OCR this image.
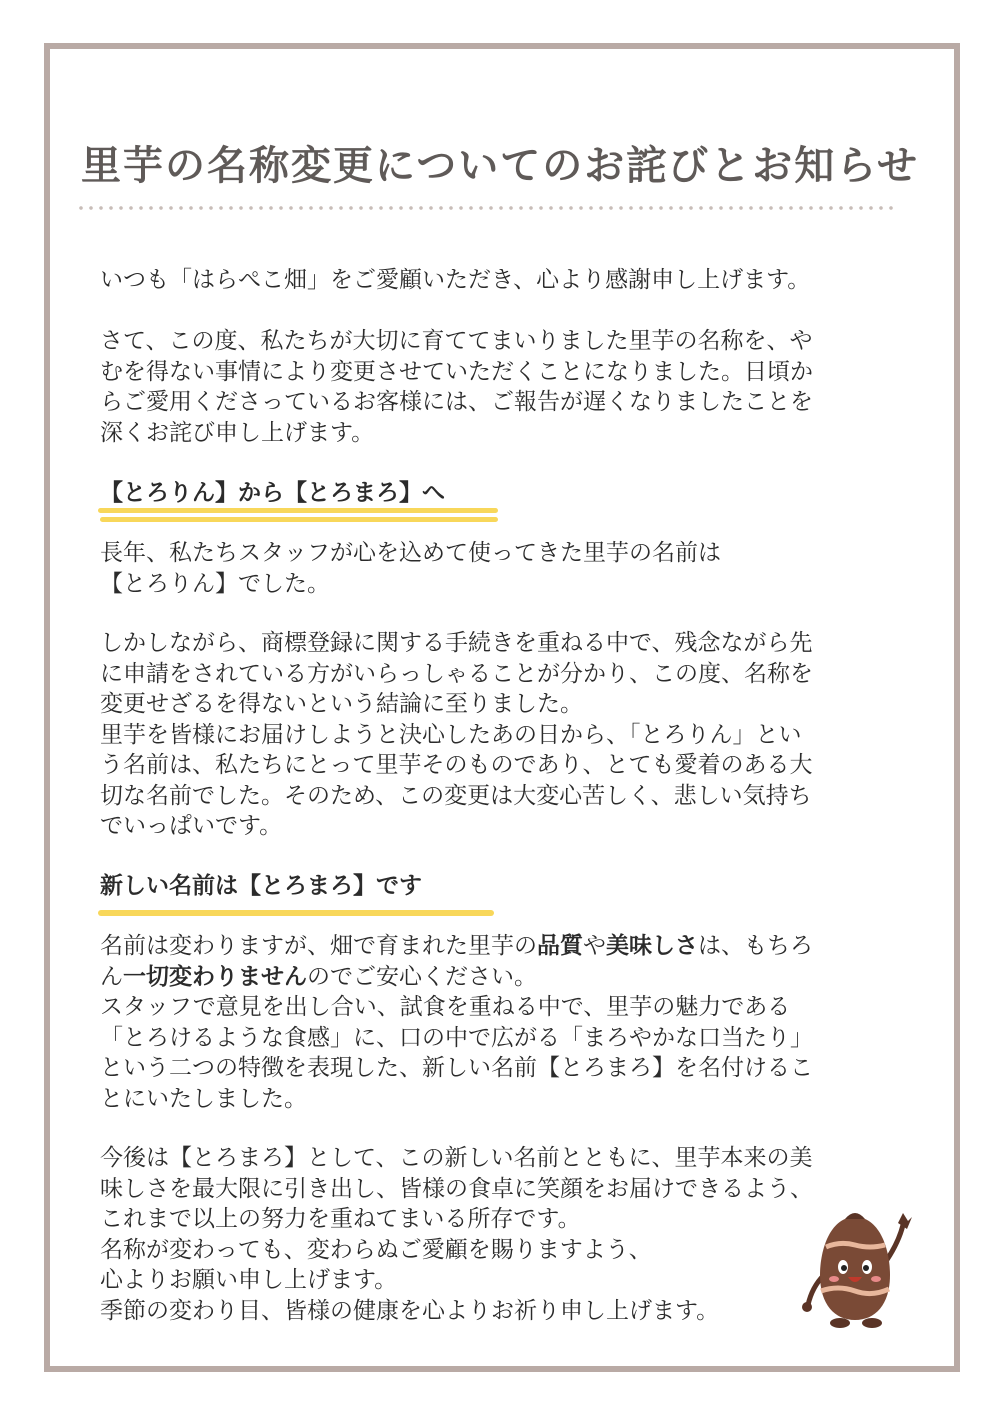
里芋の名称変更についてのお詫びとお知らせ

いつも「はらぺこ畑」をご愛顧いただき、心より感謝申し上げます。

さて、この度、私たちが大切に育ててまいりました里芋の名称を、や
むを得ない事情により変更させていただくことになりました。日頃か
らご愛用くださっているお客様には、ご報告が遅くなりましたことを
深くお詫び申し上げます。

【とろりん】から【とろまろ】へ

長年、私たちスタッフが心を込めて使ってきた里芋の名前は
【とろりん】でした。

しかしながら、商標登録に関する手続きを重ねる中で、残念ながら先
に申請をされている方がいらっしゃることが分かり、この度、名称を
変更せざるを得ないという結論に至りました。
里芋を皆様にお届けしようと決心したあの日から、「とろりん」とい
う名前は、私たちにとって里芋そのものであり、とても愛着のある大
切な名前でした。そのため、この変更は大変心苦しく、悲しい気持ち
でいっぱいです。

新しい名前は【とろまろ】です

名前は変わりますが、畑で育まれた里芋の品質や美味しさは、もちろ
ん一切変わりませんのでご安心ください。
スタッフで意見を出し合い、試食を重ねる中で、里芋の魅力である
「とろけるような食感」に、口の中で広がる「まろやかな口当たり」
という二つの特徴を表現した、新しい名前【とろまろ】を名付けるこ
とにいたしました。

今後は【とろまろ】として、この新しい名前とともに、里芋本来の美
味しさを最大限に引き出し、皆様の食卓に笑顔をお届けできるよう、
これまで以上の努力を重ねてまいる所存です。
名称が変わっても、変わらぬご愛顧を賜りますよう、
心よりお願い申し上げます。
季節の変わり目、皆様の健康を心よりお祈り申し上げます。
